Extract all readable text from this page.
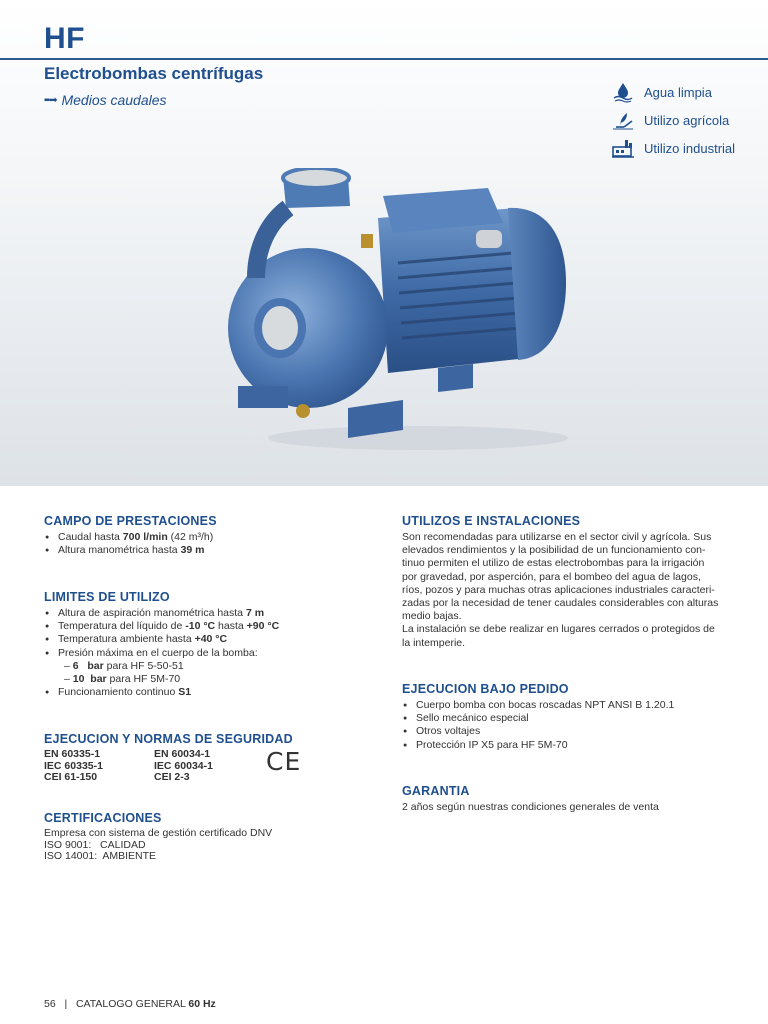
HF
Electrobombas centrífugas
▪▪➡ Medios caudales	Agua limpia
Utilizo agrícola
Utilizo industrial
CAMPO DE PRESTACIONES
● Caudal hasta 700 l/min (42 m³/h)
● Altura manométrica hasta 39 m
LIMITES DE UTILIZO
● Altura de aspiración manométrica hasta 7 m
● Temperatura del líquido de -10 °C hasta +90 °C
● Temperatura ambiente hasta +40 °C
● Presión máxima en el cuerpo de la bomba:
– 6   bar para HF 5-50-51
– 10  bar para HF 5M-70
● Funcionamiento continuo S1
EJECUCION Y NORMAS DE SEGURIDAD
EN 60335-1
IEC 60335-1
CEI 61-150
EN 60034-1
IEC 60034-1
CEI 2-3
CE
CERTIFICACIONES
Empresa con sistema de gestión certificado DNV
ISO 9001:   CALIDAD
ISO 14001:  AMBIENTE
UTILIZOS E INSTALACIONES
Son recomendadas para utilizarse en el sector civil y agrícola. Sus
elevados rendimientos y la posibilidad de un funcionamiento con-
tinuo permiten el utilizo de estas electrobombas para la irrigación
por gravedad, por asperción, para el bombeo del agua de lagos,
ríos, pozos y para muchas otras aplicaciones industriales caracteri-
zadas por la necesidad de tener caudales considerables con alturas
medio bajas.
La instalación se debe realizar en lugares cerrados o protegidos de
la intemperie.
EJECUCION BAJO PEDIDO
● Cuerpo bomba con bocas roscadas NPT ANSI B 1.20.1
● Sello mecánico especial
● Otros voltajes
● Protección IP X5 para HF 5M-70
GARANTIA
2 años según nuestras condiciones generales de venta
56 | CATALOGO GENERAL 60 Hz
